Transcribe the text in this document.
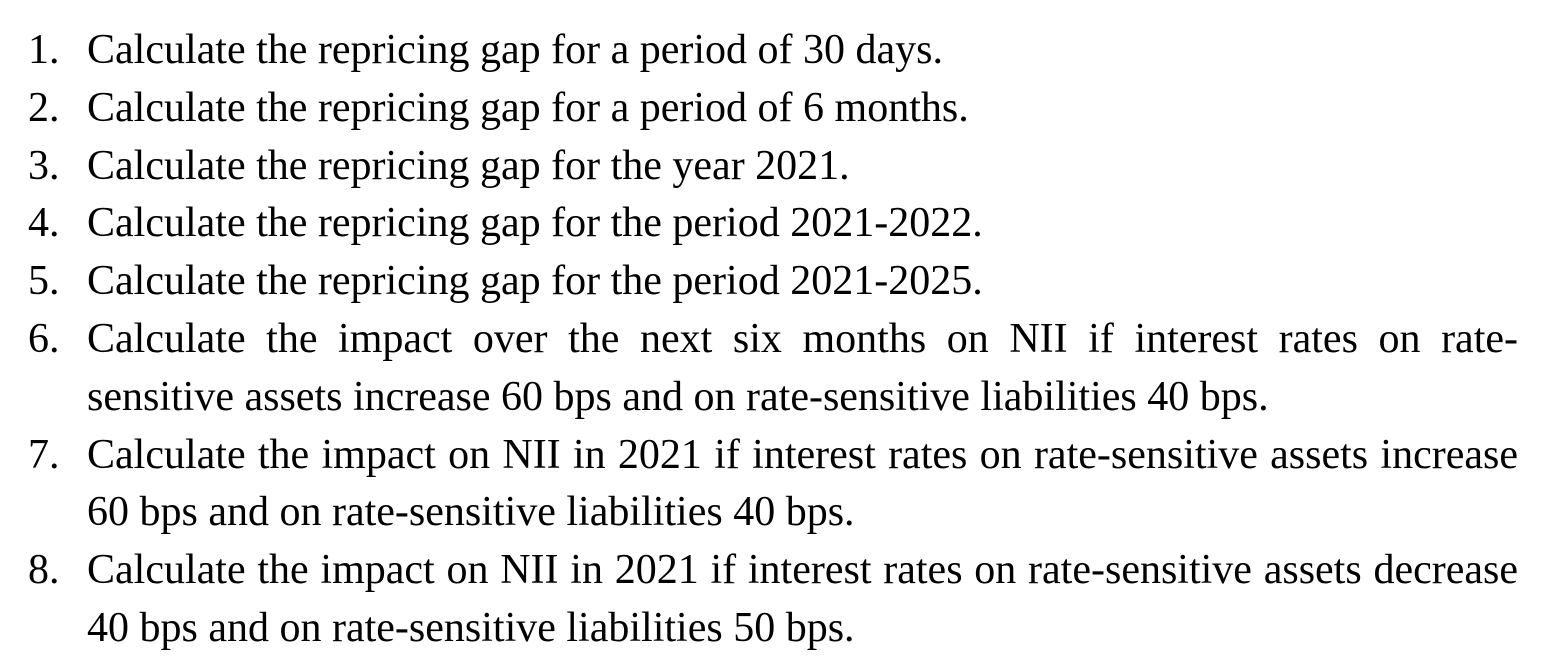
1. Calculate the repricing gap for a period of 30 days.
2. Calculate the repricing gap for a period of 6 months.
3. Calculate the repricing gap for the year 2021.
4. Calculate the repricing gap for the period 2021-2022.
5. Calculate the repricing gap for the period 2021-2025.
6. Calculate the impact over the next six months on NII if interest rates on rate-sensitive assets increase 60 bps and on rate-sensitive liabilities 40 bps.
7. Calculate the impact on NII in 2021 if interest rates on rate-sensitive assets increase 60 bps and on rate-sensitive liabilities 40 bps.
8. Calculate the impact on NII in 2021 if interest rates on rate-sensitive assets decrease 40 bps and on rate-sensitive liabilities 50 bps.
